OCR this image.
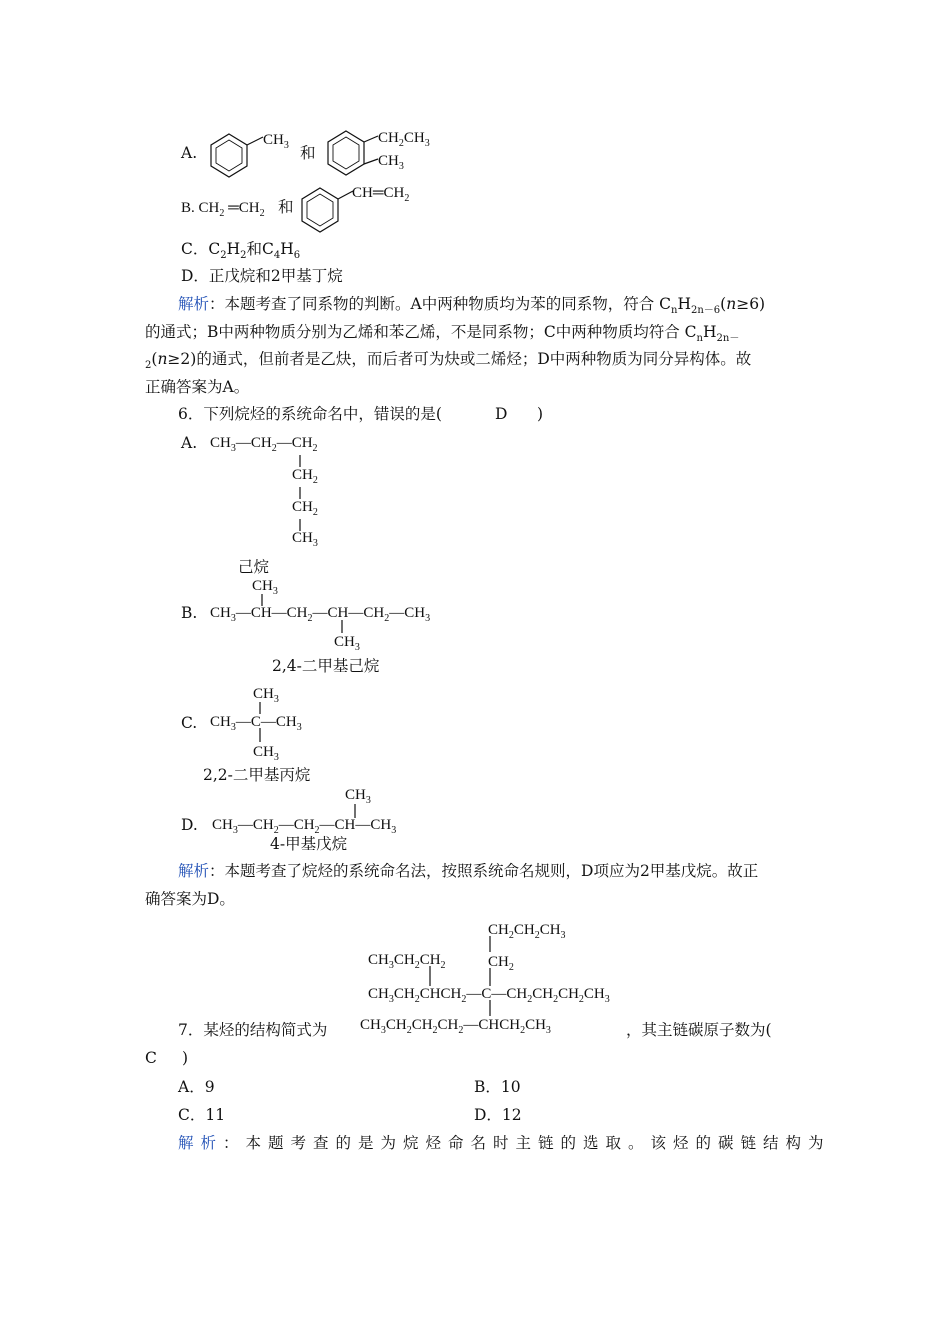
A.
$CH_3$ 和
$CH_2CH_3$
$CH_3$
B. $CH_2$ $═CH_2$ 和
$CH═CH_2$
C．$C_2H_2$和$C_4H_6$
D．正戊烷和2甲基丁烷
解析：本题考查了同系物的判断。A中两种物质均为苯的同系物，符合 $C_nH_{2n-6}(n\ge 6)$
的通式；B中两种物质分别为乙烯和苯乙烯，不是同系物；C中两种物质均符合 $C_nH_{2n-}$
$_2$(n≥2)的通式，但前者是乙炔，而后者可为炔或二烯烃；D中两种物质为同分异构体。故
正确答案为A。
6．下列烷烃的系统命名中，错误的是(	D )
A. $CH_3—CH_2—CH_2$
$CH_2$
$CH_2$
$CH_3$
己烷
$CH_3$
B. $CH_3—CH—CH_2—CH—CH_2—CH_3$
$CH_3$
2,4-二甲基己烷
$CH_3$
C. $CH_3—C—CH_3$
$CH_3$
2,2-二甲基丙烷
$CH_3$
D. $CH_3—CH_2—CH_2—CH—CH_3$
4-甲基戊烷
解析：本题考查了烷烃的系统命名法，按照系统命名规则，D项应为2甲基戊烷。故正
确答案为D。
$CH_2CH_2CH_3$
$CH_3CH_2CH_2$	$CH_2$
$CH_3CH_2CHCH_2—C—CH_2CH_2CH_2CH_3$
7．某烃的结构简式为 $CH_3CH_2CH_2CH_2—CHCH_2CH_3$	，其主链碳原子数为(
C )
A．9	B．10
C．11	D．12
解析：本题考查的是为烷烃命名时主链的选取。该烃的碳链结构为
